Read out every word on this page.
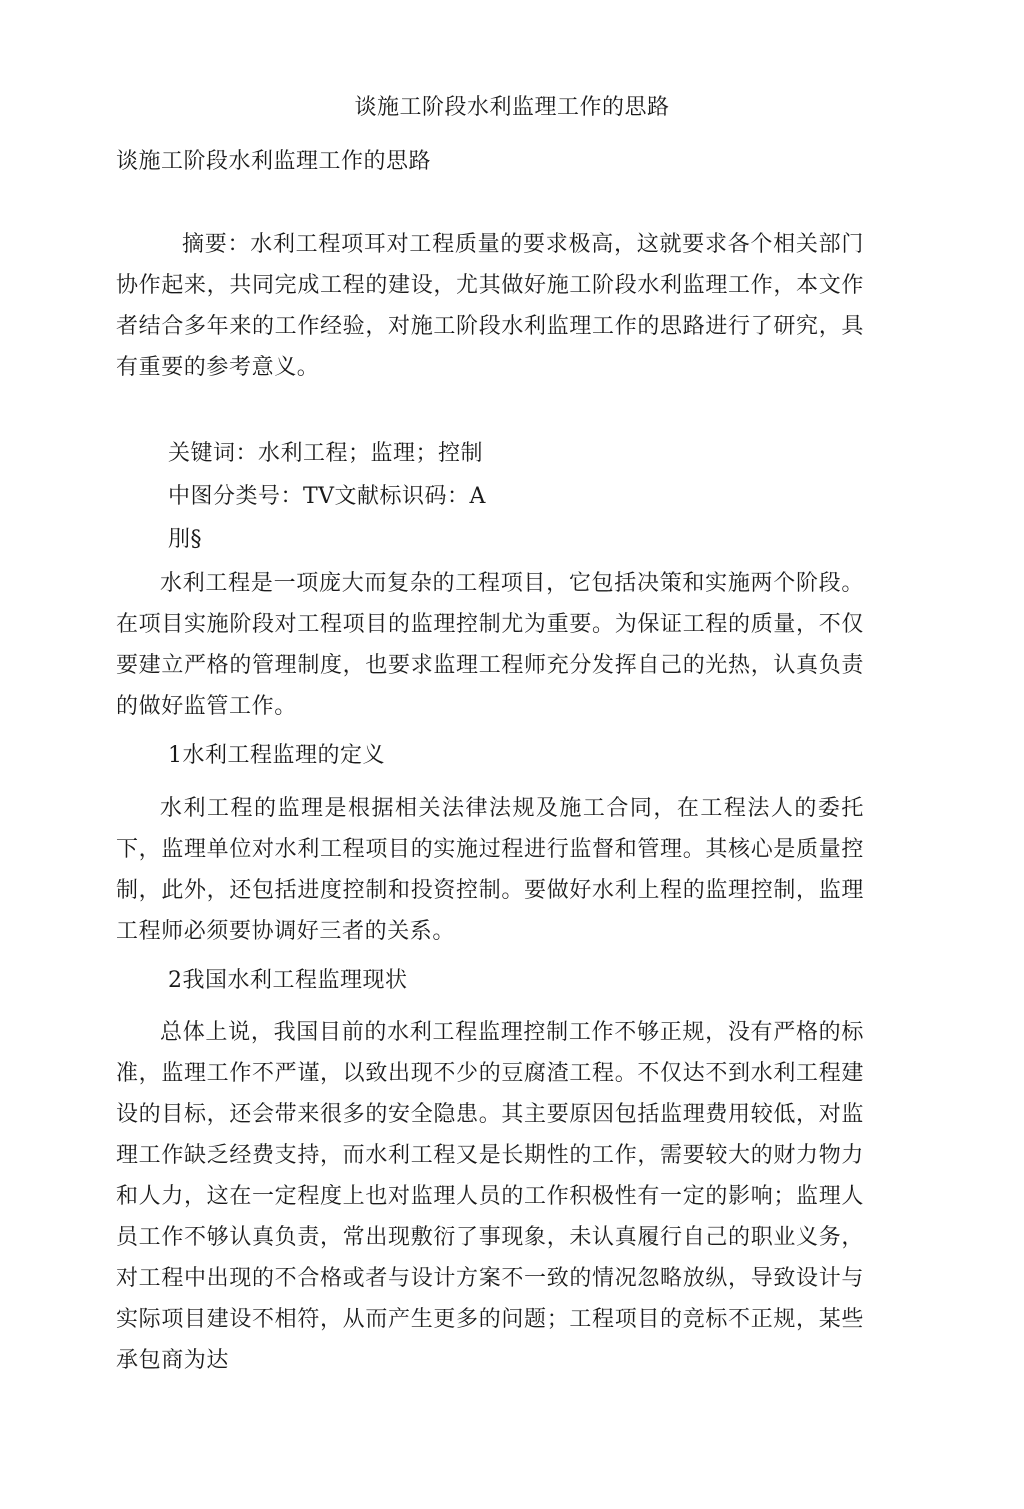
谈施工阶段水利监理工作的思路
谈施工阶段水利监理工作的思路

摘要：水利工程项耳对工程质量的要求极高，这就要求各个相关部门协作起来，共同完成工程的建设，尤其做好施工阶段水利监理工作，本文作者结合多年来的工作经验，对施工阶段水利监理工作的思路进行了研究，具有重要的参考意义。

关键词：水利工程；监理；控制

中图分类号：TV文献标识码：A

刖§

水利工程是一项庞大而复杂的工程项目，它包括决策和实施两个阶段。在项目实施阶段对工程项目的监理控制尤为重要。为保证工程的质量，不仅要建立严格的管理制度，也要求监理工程师充分发挥自己的光热，认真负责的做好监管工作。

1水利工程监理的定义

水利工程的监理是根据相关法律法规及施工合同，在工程法人的委托下，监理单位对水利工程项目的实施过程进行监督和管理。其核心是质量控制，此外，还包括进度控制和投资控制。要做好水利上程的监理控制，监理工程师必须要协调好三者的关系。

2我国水利工程监理现状

总体上说，我国目前的水利工程监理控制工作不够正规，没有严格的标准，监理工作不严谨，以致出现不少的豆腐渣工程。不仅达不到水利工程建设的目标，还会带来很多的安全隐患。其主要原因包括监理费用较低，对监理工作缺乏经费支持，而水利工程又是长期性的工作，需要较大的财力物力和人力，这在一定程度上也对监理人员的工作积极性有一定的影响；监理人员工作不够认真负责，常出现敷衍了事现象，未认真履行自己的职业义务，对工程中出现的不合格或者与设计方案不一致的情况忽略放纵，导致设计与实际项目建设不相符，从而产生更多的问题；工程项目的竞标不正规，某些承包商为达
